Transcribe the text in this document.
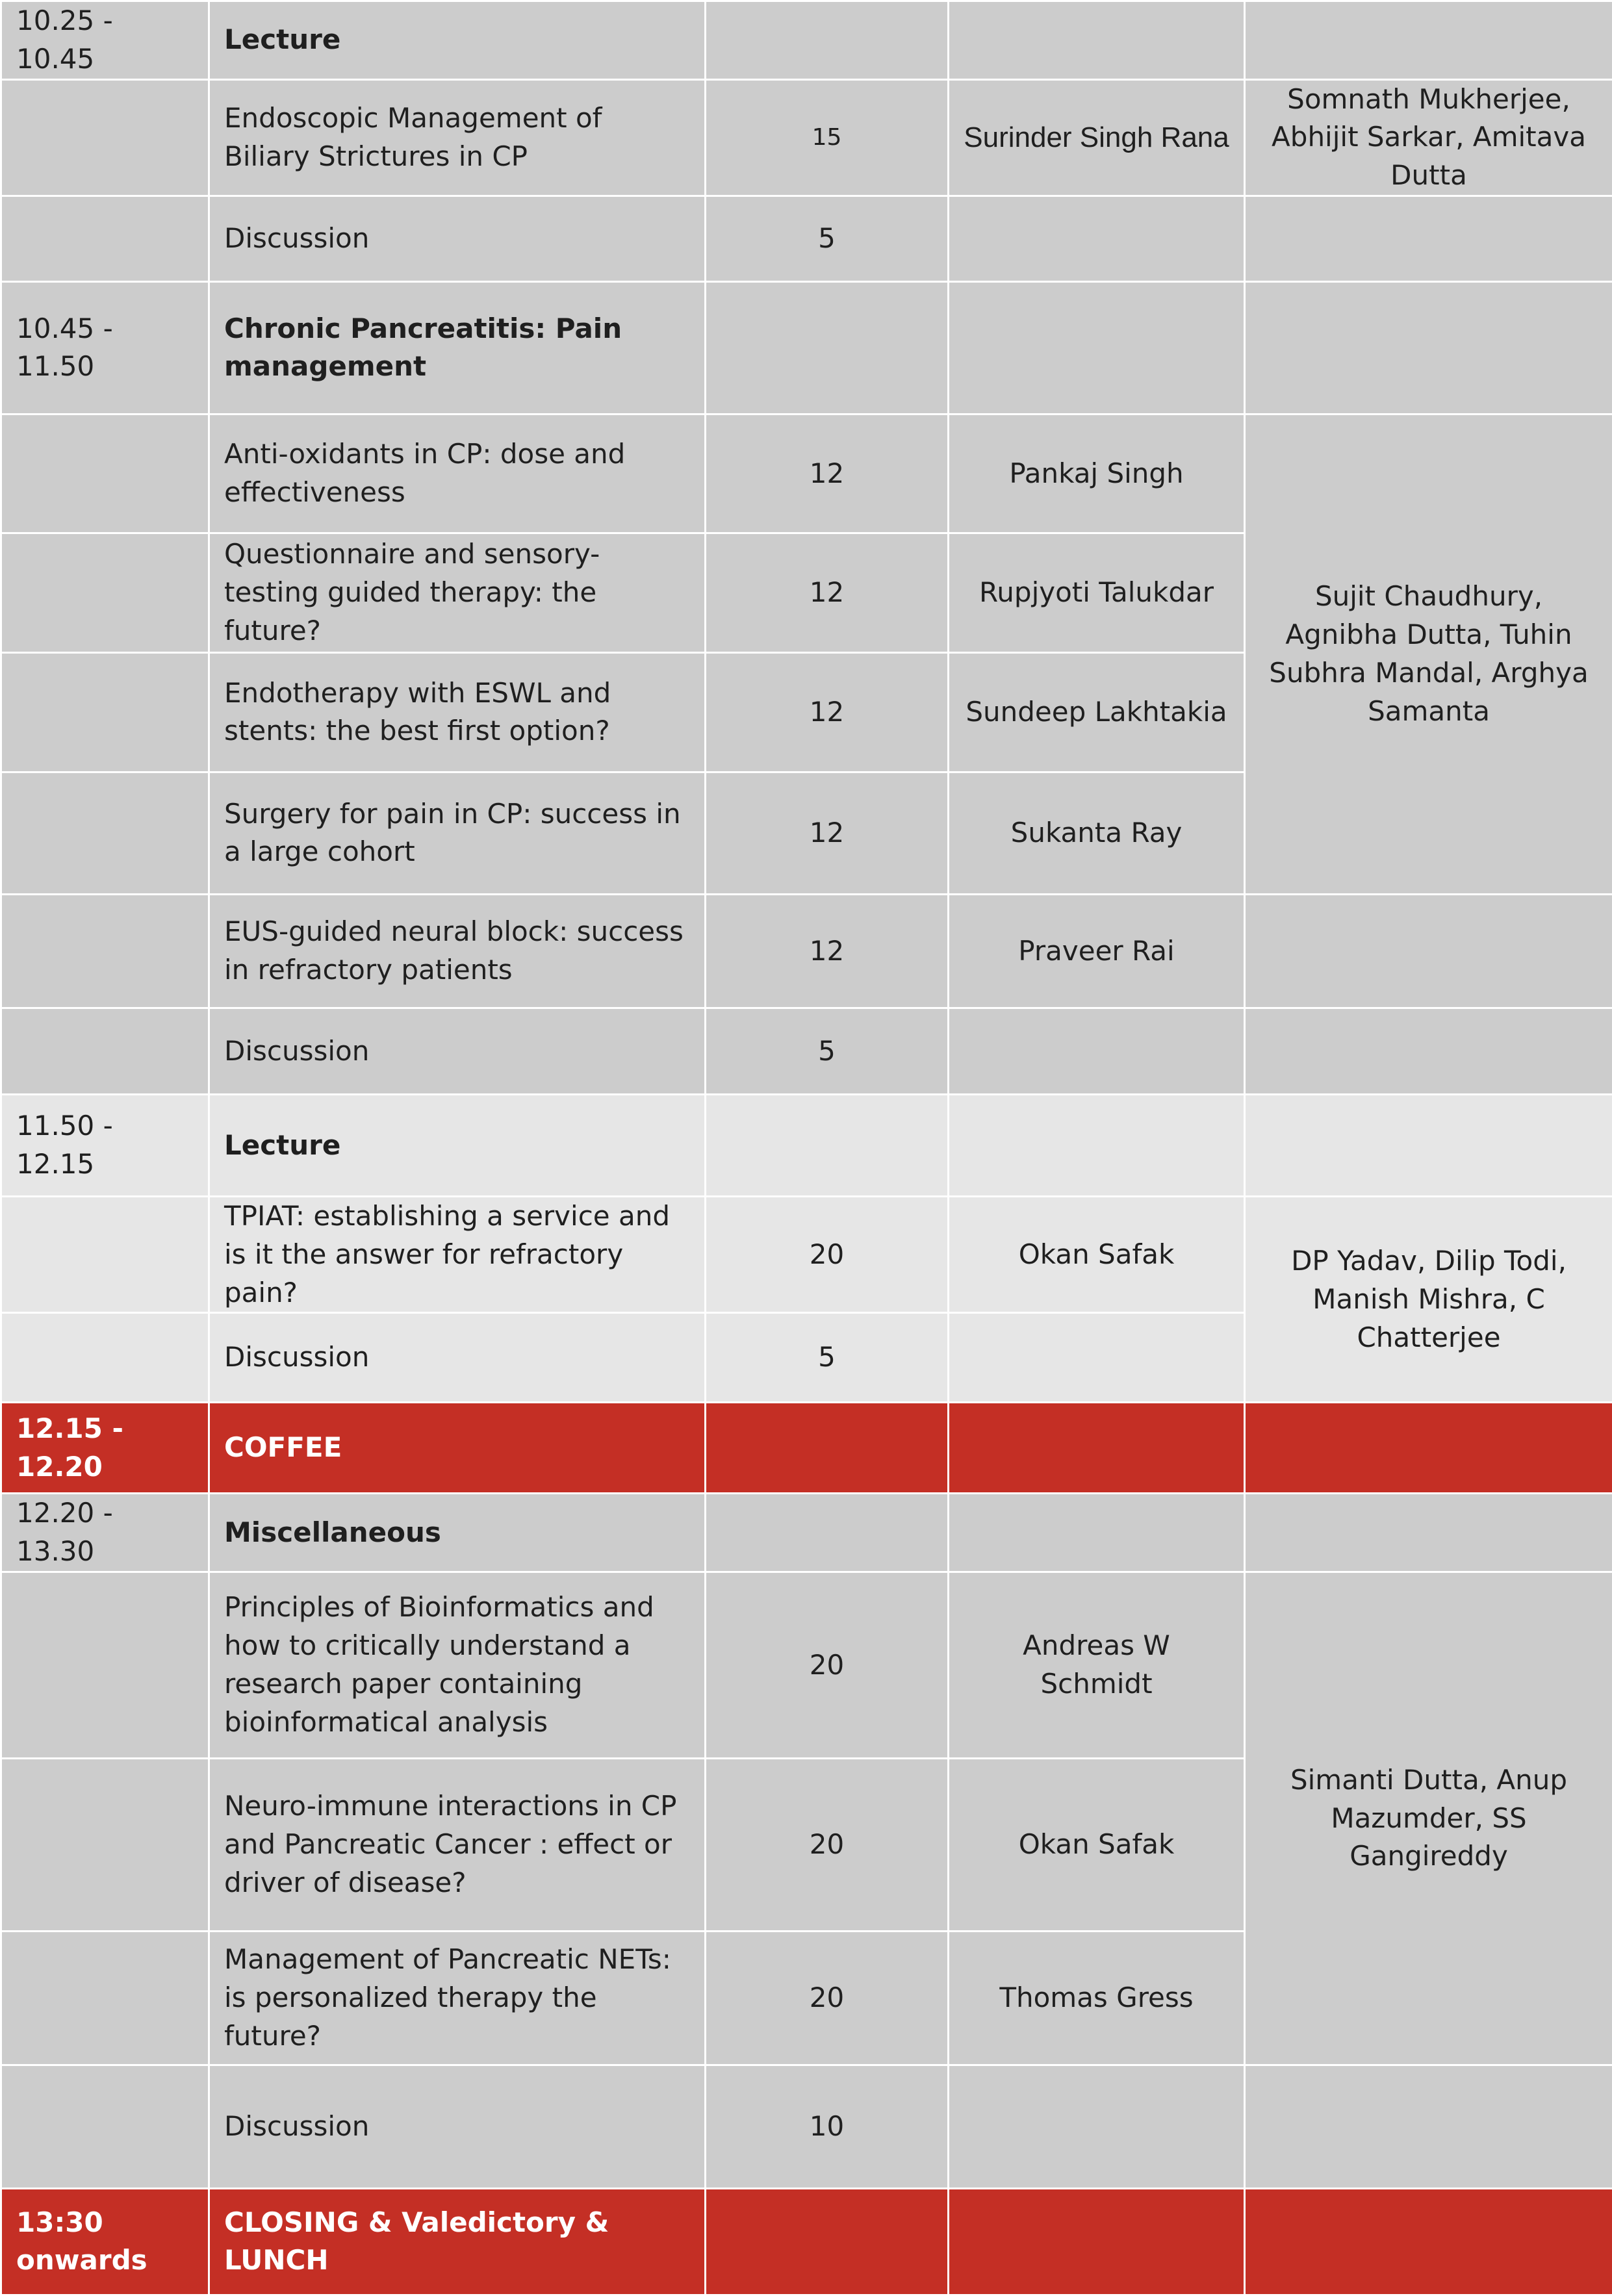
10.25 - 10.45	Lecture			
	Endoscopic Management of Biliary Strictures in CP	15	Surinder Singh Rana	Somnath Mukherjee, Abhijit Sarkar, Amitava Dutta
	Discussion	5		
10.45 - 11.50	Chronic Pancreatitis: Pain management			
	Anti-oxidants in CP: dose and effectiveness	12	Pankaj Singh	Sujit Chaudhury, Agnibha Dutta, Tuhin Subhra Mandal, Arghya Samanta
	Questionnaire and sensory-testing guided therapy: the future?	12	Rupjyoti Talukdar	
	Endotherapy with ESWL and stents: the best first option?	12	Sundeep Lakhtakia	
	Surgery for pain in CP: success in a large cohort	12	Sukanta Ray	
	EUS-guided neural block: success in refractory patients	12	Praveer Rai	
	Discussion	5		
11.50 - 12.15	Lecture			
	TPIAT: establishing a service and is it the answer for refractory pain?	20	Okan Safak	DP Yadav, Dilip Todi, Manish Mishra, C Chatterjee
	Discussion	5		
12.15 - 12.20	COFFEE			
12.20 - 13.30	Miscellaneous			
	Principles of Bioinformatics and how to critically understand a research paper containing bioinformatical analysis	20	Andreas W Schmidt	Simanti Dutta, Anup Mazumder, SS Gangireddy
	Neuro-immune interactions in CP and Pancreatic Cancer : effect or driver of disease?	20	Okan Safak	
	Management of Pancreatic NETs: is personalized therapy the future?	20	Thomas Gress	
	Discussion	10		
13:30 onwards	CLOSING & Valedictory & LUNCH			
